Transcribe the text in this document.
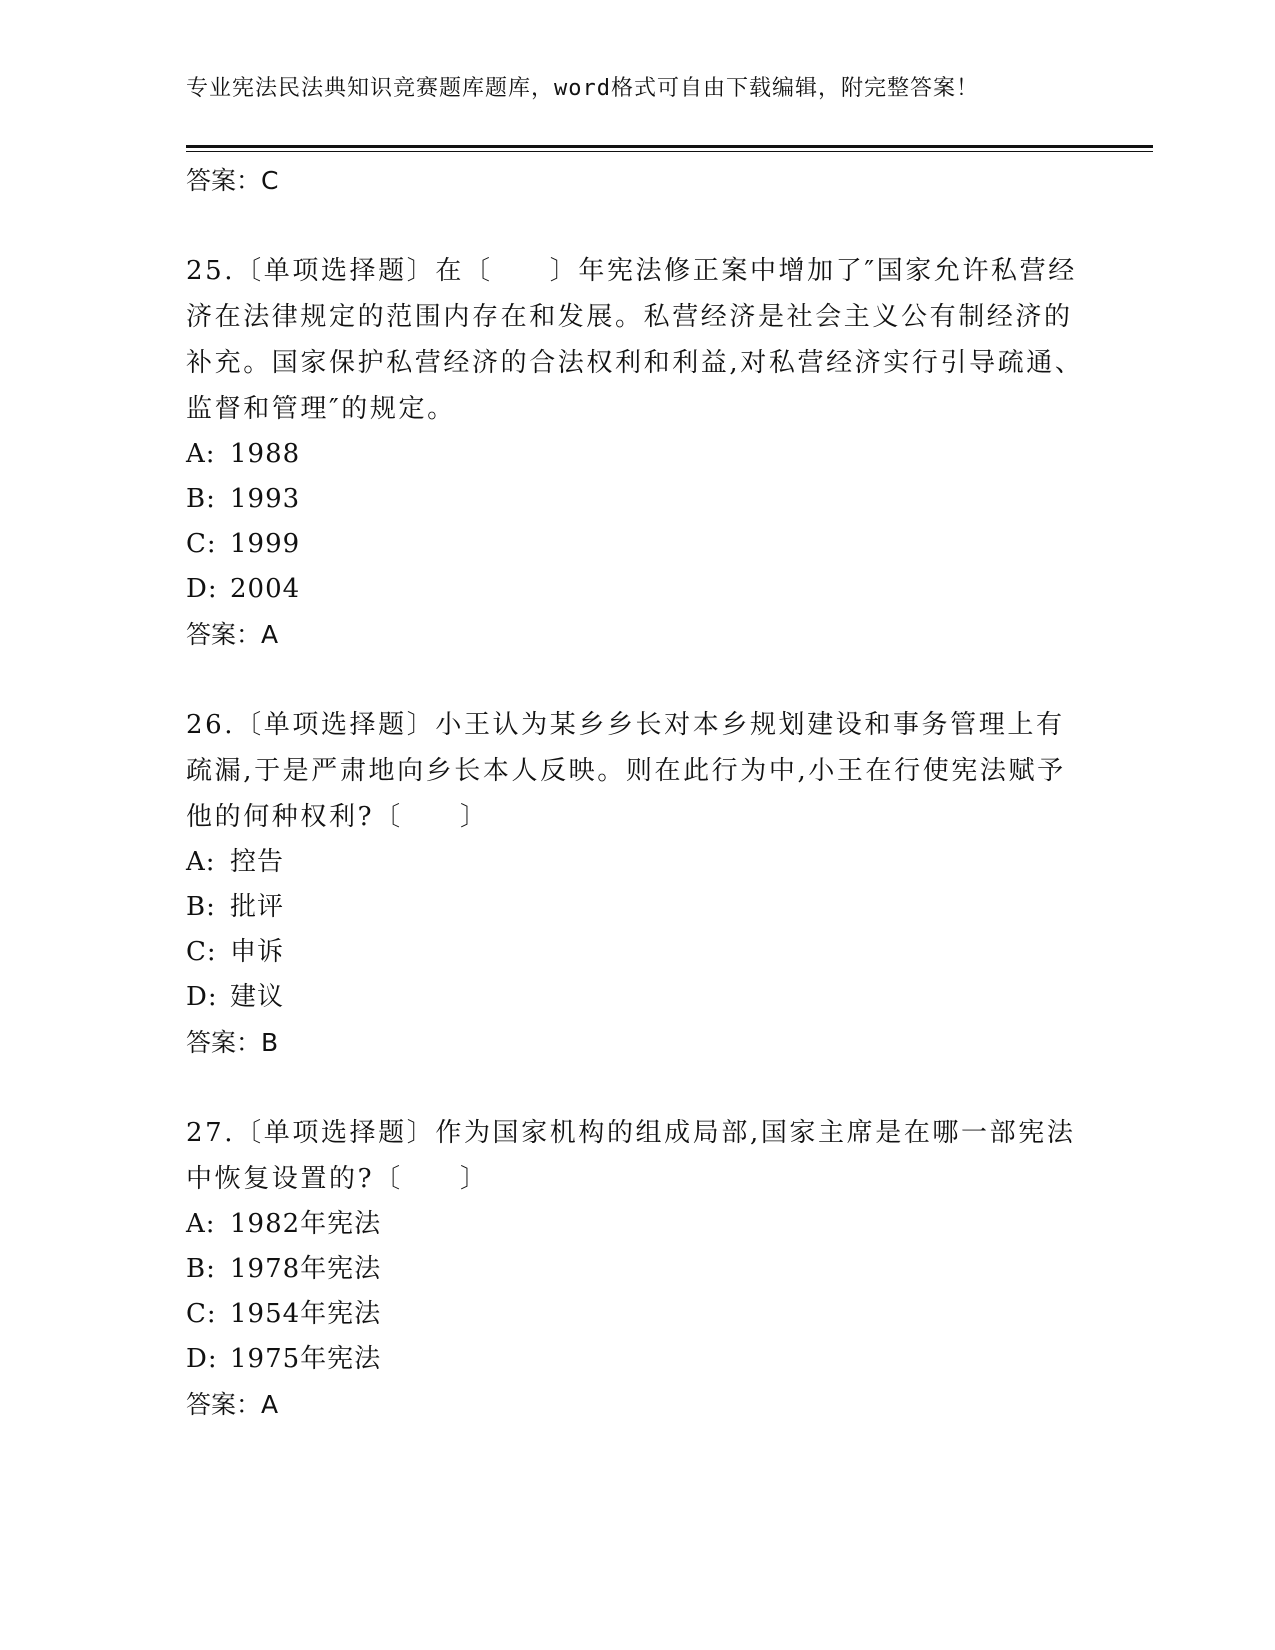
专业宪法民法典知识竞赛题库题库，word格式可自由下载编辑，附完整答案！
答案：C

25.〔单项选择题〕在〔　　〕年宪法修正案中增加了″国家允许私营经济在法律规定的范围内存在和发展。私营经济是社会主义公有制经济的补充。国家保护私营经济的合法权利和利益,对私营经济实行引导疏通、监督和管理″的规定。

A: 1988
B: 1993
C: 1999
D: 2004
答案：A

26.〔单项选择题〕小王认为某乡乡长对本乡规划建设和事务管理上有疏漏,于是严肃地向乡长本人反映。则在此行为中,小王在行使宪法赋予他的何种权利?〔　　〕

A: 控告
B: 批评
C: 申诉
D: 建议
答案：B

27.〔单项选择题〕作为国家机构的组成局部,国家主席是在哪一部宪法中恢复设置的?〔　　〕

A: 1982年宪法
B: 1978年宪法
C: 1954年宪法
D: 1975年宪法
答案：A
